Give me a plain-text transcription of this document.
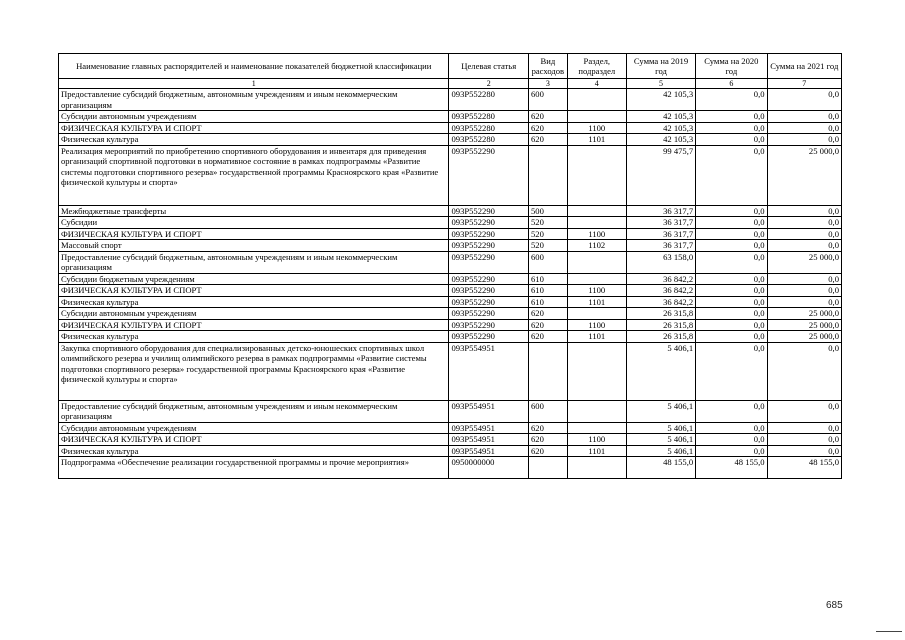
	Наименование главных распорядителей и наименование показателей бюджетной классификации	Целевая статья	Вид расходов	Раздел, подраздел	Сумма на 2019 год	Сумма на 2020 год	Сумма на 2021 год
	1	2	3	4	5	6	7
	Предоставление субсидий бюджетным, автономным учреждениям и иным некоммерческим организациям	093P552280	600		42 105,3	0,0	0,0
	Субсидии автономным учреждениям	093P552280	620		42 105,3	0,0	0,0
	ФИЗИЧЕСКАЯ КУЛЬТУРА И СПОРТ	093P552280	620	1100	42 105,3	0,0	0,0
	Физическая культура	093P552280	620	1101	42 105,3	0,0	0,0
	Реализация мероприятий по приобретению спортивного оборудования и инвентаря для приведения организаций спортивной подготовки в нормативное состояние в рамках подпрограммы «Развитие системы подготовки спортивного резерва» государственной программы Красноярского края «Развитие физической культуры и спорта»	093P552290			99 475,7	0,0	25 000,0
	Межбюджетные трансферты	093P552290	500		36 317,7	0,0	0,0
	Субсидии	093P552290	520		36 317,7	0,0	0,0
	ФИЗИЧЕСКАЯ КУЛЬТУРА И СПОРТ	093P552290	520	1100	36 317,7	0,0	0,0
	Массовый спорт	093P552290	520	1102	36 317,7	0,0	0,0
	Предоставление субсидий бюджетным, автономным учреждениям и иным некоммерческим организациям	093P552290	600		63 158,0	0,0	25 000,0
	Субсидии бюджетным учреждениям	093P552290	610		36 842,2	0,0	0,0
	ФИЗИЧЕСКАЯ КУЛЬТУРА И СПОРТ	093P552290	610	1100	36 842,2	0,0	0,0
	Физическая культура	093P552290	610	1101	36 842,2	0,0	0,0
	Субсидии автономным учреждениям	093P552290	620		26 315,8	0,0	25 000,0
	ФИЗИЧЕСКАЯ КУЛЬТУРА И СПОРТ	093P552290	620	1100	26 315,8	0,0	25 000,0
	Физическая культура	093P552290	620	1101	26 315,8	0,0	25 000,0
	Закупка спортивного оборудования для специализированных детско-юношеских спортивных школ олимпийского резерва и училищ олимпийского резерва в рамках подпрограммы «Развитие системы подготовки спортивного резерва» государственной программы Красноярского края «Развитие физической культуры и спорта»	093P554951			5 406,1	0,0	0,0
	Предоставление субсидий бюджетным, автономным учреждениям и иным некоммерческим организациям	093P554951	600		5 406,1	0,0	0,0
	Субсидии автономным учреждениям	093P554951	620		5 406,1	0,0	0,0
	ФИЗИЧЕСКАЯ КУЛЬТУРА И СПОРТ	093P554951	620	1100	5 406,1	0,0	0,0
	Физическая культура	093P554951	620	1101	5 406,1	0,0	0,0
	Подпрограмма «Обеспечение реализации государственной программы и прочие мероприятия»	0950000000			48 155,0	48 155,0	48 155,0
685
